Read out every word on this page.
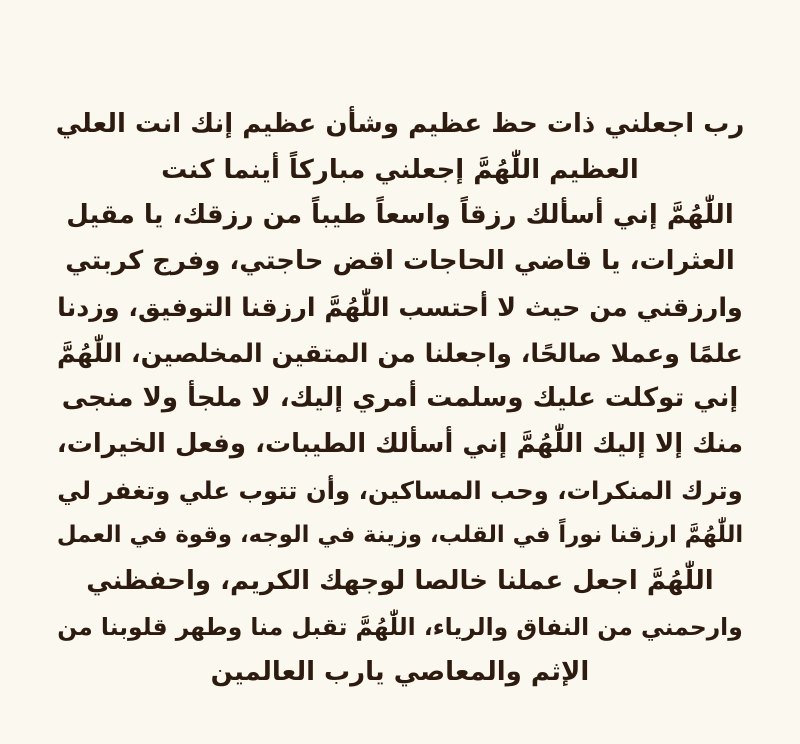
رب اجعلني ذات حظ عظيم وشأن عظيم إنك انت العلي
العظيم اللّٰهُمَّ إجعلني مباركاً أينما كنت
اللّٰهُمَّ إني أسألك رزقاً واسعاً طيباً من رزقك، يا مقيل
العثرات، يا قاضي الحاجات اقض حاجتي، وفرج كربتي
وارزقني من حيث لا أحتسب اللّٰهُمَّ ارزقنا التوفيق، وزدنا
علمًا وعملا صالحًا، واجعلنا من المتقين المخلصين، اللّٰهُمَّ
إني توكلت عليك وسلمت أمري إليك، لا ملجأ ولا منجى
منك إلا إليك اللّٰهُمَّ إني أسألك الطيبات، وفعل الخيرات،
وترك المنكرات، وحب المساكين، وأن تتوب علي وتغفر لي
اللّٰهُمَّ ارزقنا نوراً في القلب، وزينة في الوجه، وقوة في العمل
اللّٰهُمَّ اجعل عملنا خالصا لوجهك الكريم، واحفظني
وارحمني من النفاق والرياء، اللّٰهُمَّ تقبل منا وطهر قلوبنا من
الإثم والمعاصي يارب العالمين
